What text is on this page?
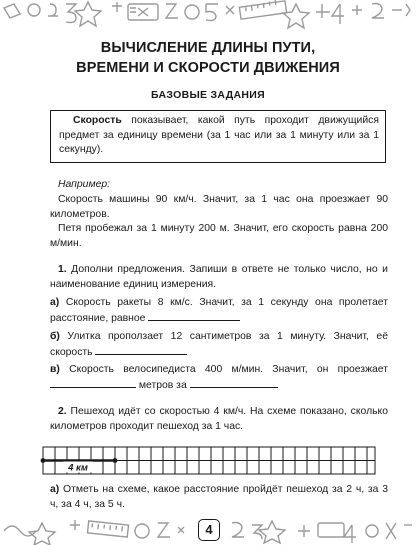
ВЫЧИСЛЕНИЕ ДЛИНЫ ПУТИ,
ВРЕМЕНИ И СКОРОСТИ ДВИЖЕНИЯ
БАЗОВЫЕ ЗАДАНИЯ
Скорость показывает, какой путь проходит движущийся предмет за единицу времени (за 1 час или за 1 минуту или за 1 секунду).
Например:
Скорость машины 90 км/ч. Значит, за 1 час она проезжает 90 километров.
Петя пробежал за 1 минуту 200 м. Значит, его скорость равна 200 м/мин.
1. Дополни предложения. Запиши в ответе не только число, но и наименование единиц измерения.
а) Скорость ракеты 8 км/с. Значит, за 1 секунду она пролетает расстояние, равное
б) Улитка проползает 12 сантиметров за 1 минуту. Значит, её скорость
в) Скорость велосипедиста 400 м/мин. Значит, он проезжает  метров за
2. Пешеход идёт со скоростью 4 км/ч. На схеме показано, сколько километров проходит пешеход за 1 час.
4 км
а) Отметь на схеме, какое расстояние пройдёт пешеход за 2 ч, за 3 ч, за 4 ч, за 5 ч.
4
